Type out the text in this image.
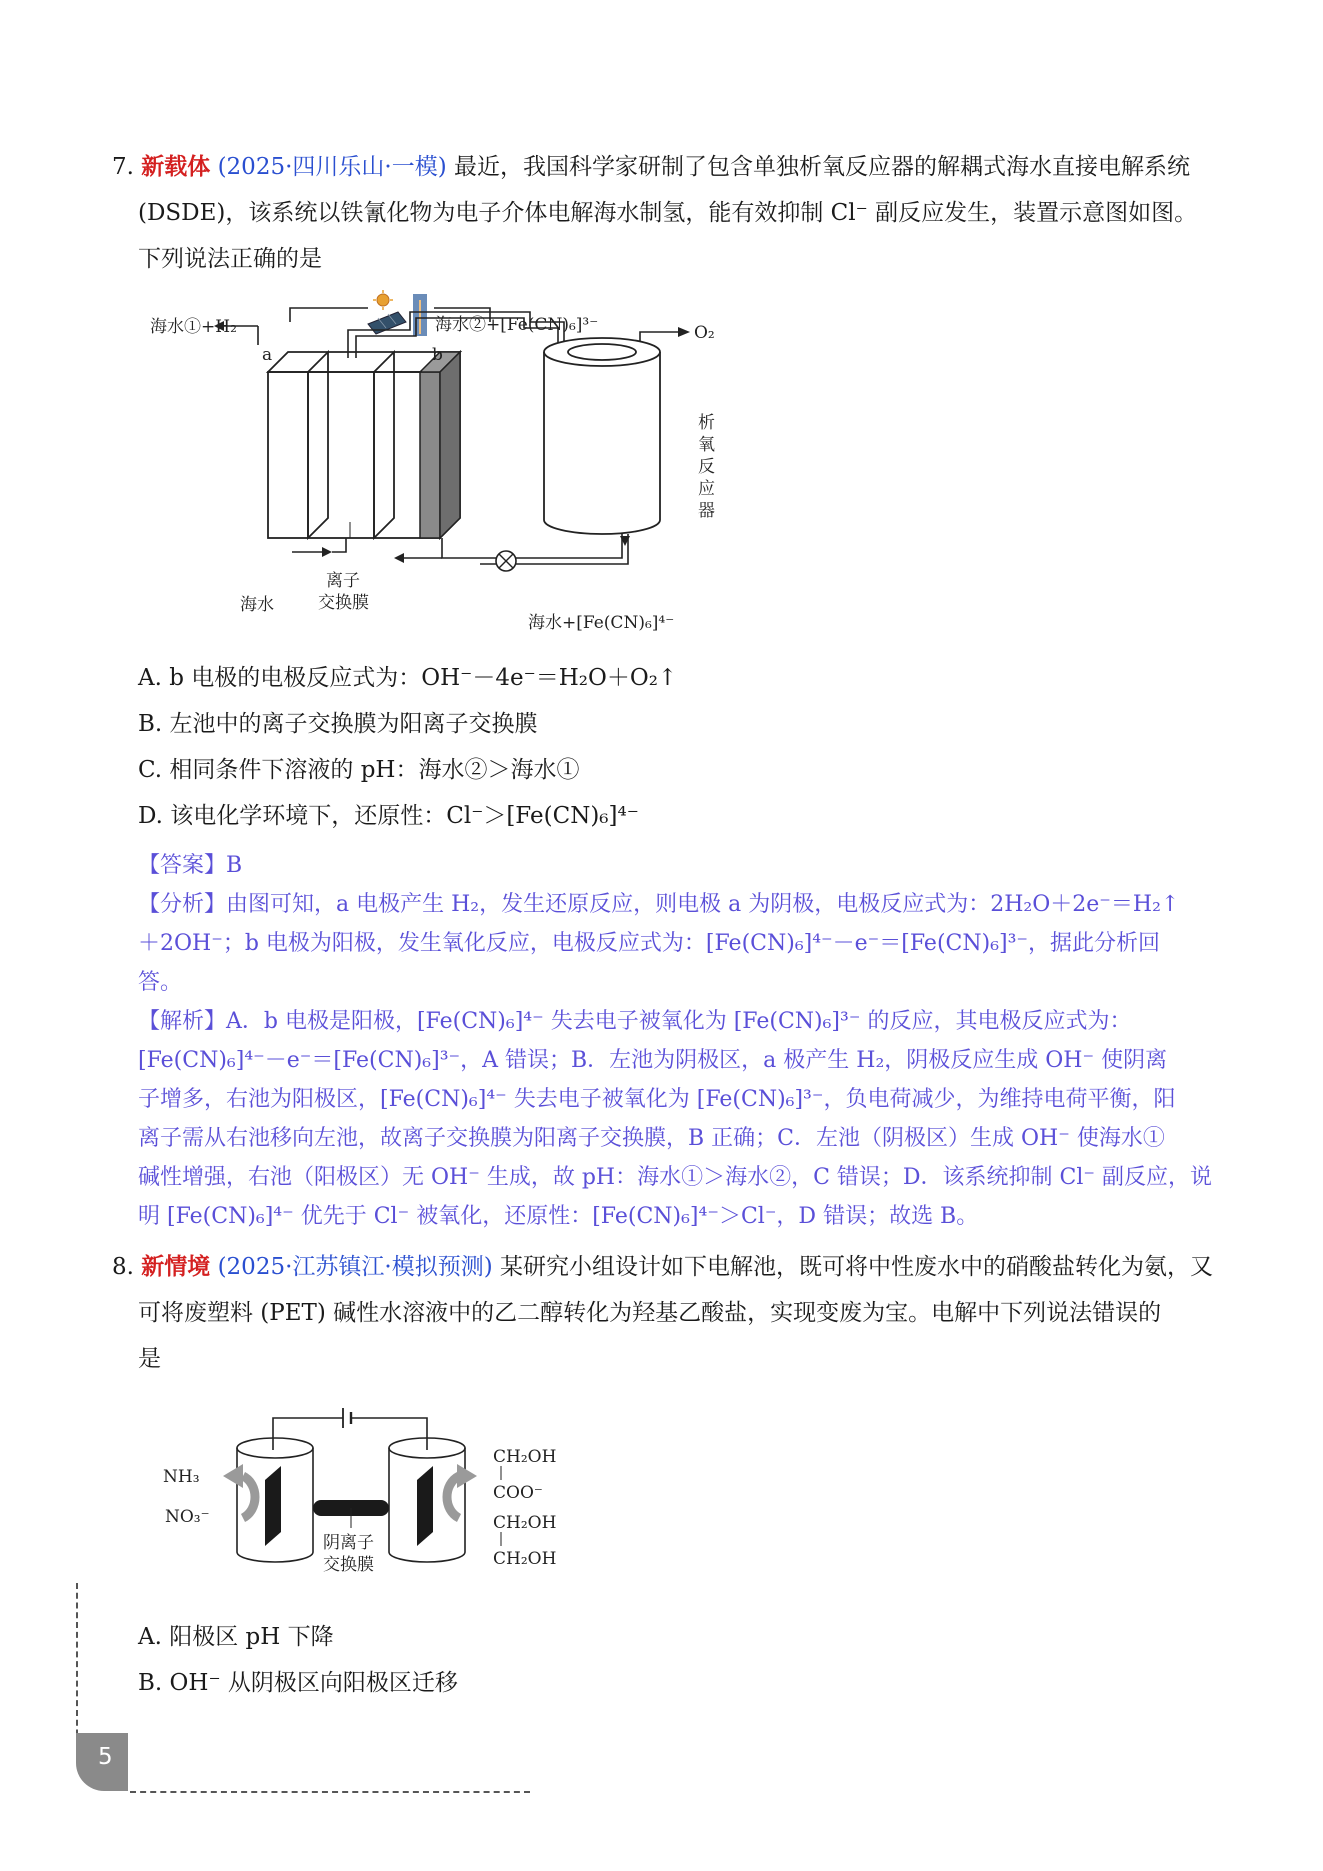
7. 新载体 (2025·四川乐山·一模) 最近，我国科学家研制了包含单独析氧反应器的解耦式海水直接电解系统
(DSDE)，该系统以铁氰化物为电子介体电解海水制氢，能有效抑制 Cl⁻ 副反应发生，装置示意图如图。
下列说法正确的是
海水②+[Fe(CN)₆]³⁻	O₂
海水①+H₂
a	b
析
氧
反
应
器
离子
交换膜
海水
海水+[Fe(CN)₆]⁴⁻
A. b 电极的电极反应式为：OH⁻－4e⁻＝H₂O＋O₂↑
B. 左池中的离子交换膜为阳离子交换膜
C. 相同条件下溶液的 pH：海水②＞海水①
D. 该电化学环境下，还原性：Cl⁻＞[Fe(CN)₆]⁴⁻
【答案】B
【分析】由图可知，a 电极产生 H₂，发生还原反应，则电极 a 为阴极，电极反应式为：2H₂O＋2e⁻＝H₂↑
＋2OH⁻；b 电极为阳极，发生氧化反应，电极反应式为：[Fe(CN)₆]⁴⁻－e⁻＝[Fe(CN)₆]³⁻，据此分析回
答。
【解析】A．b 电极是阳极，[Fe(CN)₆]⁴⁻ 失去电子被氧化为 [Fe(CN)₆]³⁻ 的反应，其电极反应式为：
[Fe(CN)₆]⁴⁻－e⁻＝[Fe(CN)₆]³⁻，A 错误；B．左池为阴极区，a 极产生 H₂，阴极反应生成 OH⁻ 使阴离
子增多，右池为阳极区，[Fe(CN)₆]⁴⁻ 失去电子被氧化为 [Fe(CN)₆]³⁻，负电荷减少，为维持电荷平衡，阳
离子需从右池移向左池，故离子交换膜为阳离子交换膜，B 正确；C．左池（阴极区）生成 OH⁻ 使海水①
碱性增强，右池（阳极区）无 OH⁻ 生成，故 pH：海水①＞海水②，C 错误；D．该系统抑制 Cl⁻ 副反应，说
明 [Fe(CN)₆]⁴⁻ 优先于 Cl⁻ 被氧化，还原性：[Fe(CN)₆]⁴⁻＞Cl⁻，D 错误；故选 B。
8. 新情境 (2025·江苏镇江·模拟预测) 某研究小组设计如下电解池，既可将中性废水中的硝酸盐转化为氨，又
可将废塑料 (PET) 碱性水溶液中的乙二醇转化为羟基乙酸盐，实现变废为宝。电解中下列说法错误的
是
NH₃
NO₃⁻
阴离子
交换膜
CH₂OH
COO⁻
CH₂OH
CH₂OH
A. 阳极区 pH 下降
B. OH⁻ 从阴极区向阳极区迁移
5
